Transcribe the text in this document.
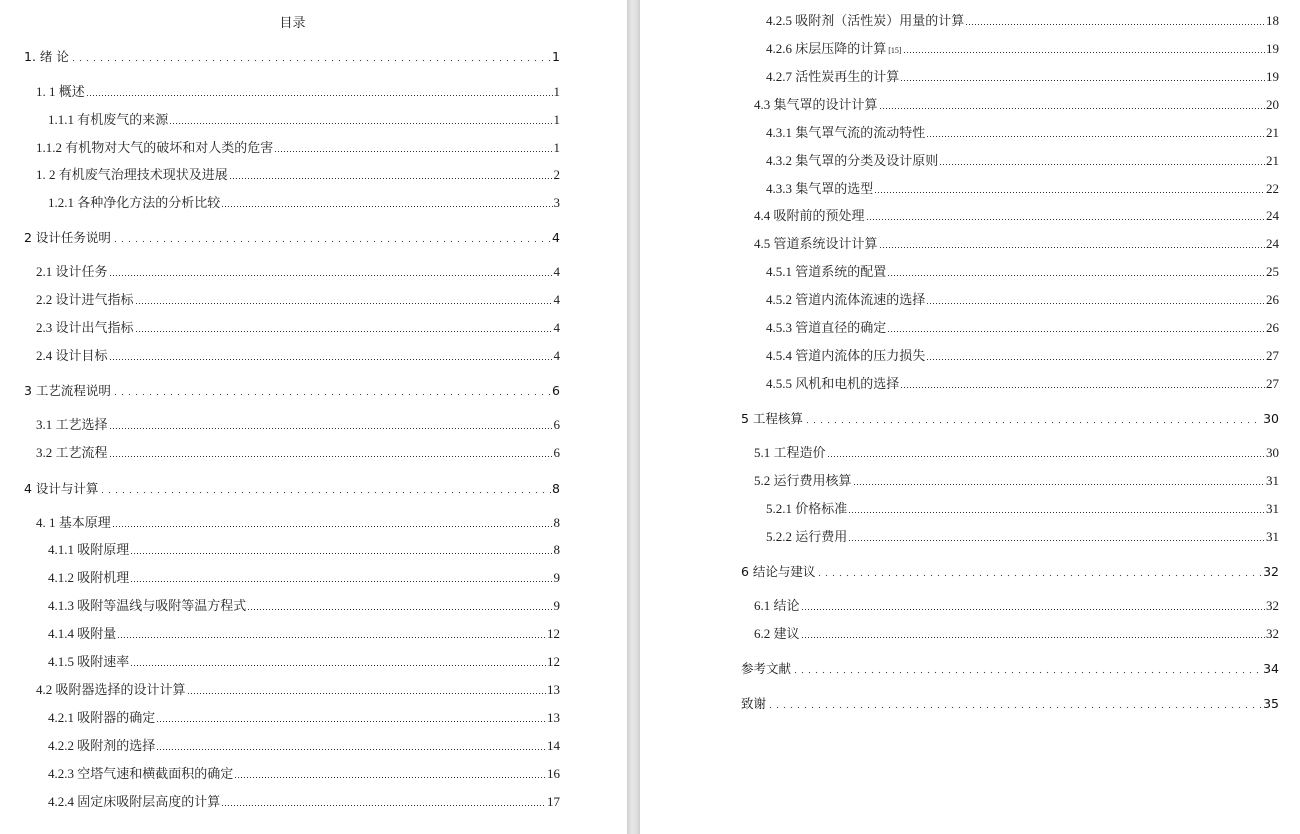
目录
1. 绪 论	1
1. 1 概述	1
1.1.1 有机废气的来源	1
1.1.2 有机物对大气的破坏和对人类的危害	1
1. 2 有机废气治理技术现状及进展	2
1.2.1 各种净化方法的分析比较	3
2 设计任务说明	4
2.1 设计任务	4
2.2 设计进气指标	4
2.3 设计出气指标	4
2.4 设计目标	4
3 工艺流程说明	6
3.1 工艺选择	6
3.2 工艺流程	6
4 设计与计算	8
4. 1 基本原理	8
4.1.1 吸附原理	8
4.1.2 吸附机理	9
4.1.3 吸附等温线与吸附等温方程式	9
4.1.4 吸附量	12
4.1.5 吸附速率	12
4.2 吸附器选择的设计计算	13
4.2.1 吸附器的确定	13
4.2.2 吸附剂的选择	14
4.2.3 空塔气速和横截面积的确定	16
4.2.4 固定床吸附层高度的计算	17
4.2.5 吸附剂（活性炭）用量的计算	18
4.2.6 床层压降的计算 [15]	19
4.2.7 活性炭再生的计算	19
4.3 集气罩的设计计算	20
4.3.1 集气罩气流的流动特性	21
4.3.2 集气罩的分类及设计原则	21
4.3.3 集气罩的选型	22
4.4 吸附前的预处理	24
4.5 管道系统设计计算	24
4.5.1 管道系统的配置	25
4.5.2 管道内流体流速的选择	26
4.5.3 管道直径的确定	26
4.5.4 管道内流体的压力损失	27
4.5.5 风机和电机的选择	27
5 工程核算	30
5.1 工程造价	30
5.2 运行费用核算	31
5.2.1 价格标准	31
5.2.2 运行费用	31
6 结论与建议	32
6.1 结论	32
6.2 建议	32
参考文献	34
致谢	35
